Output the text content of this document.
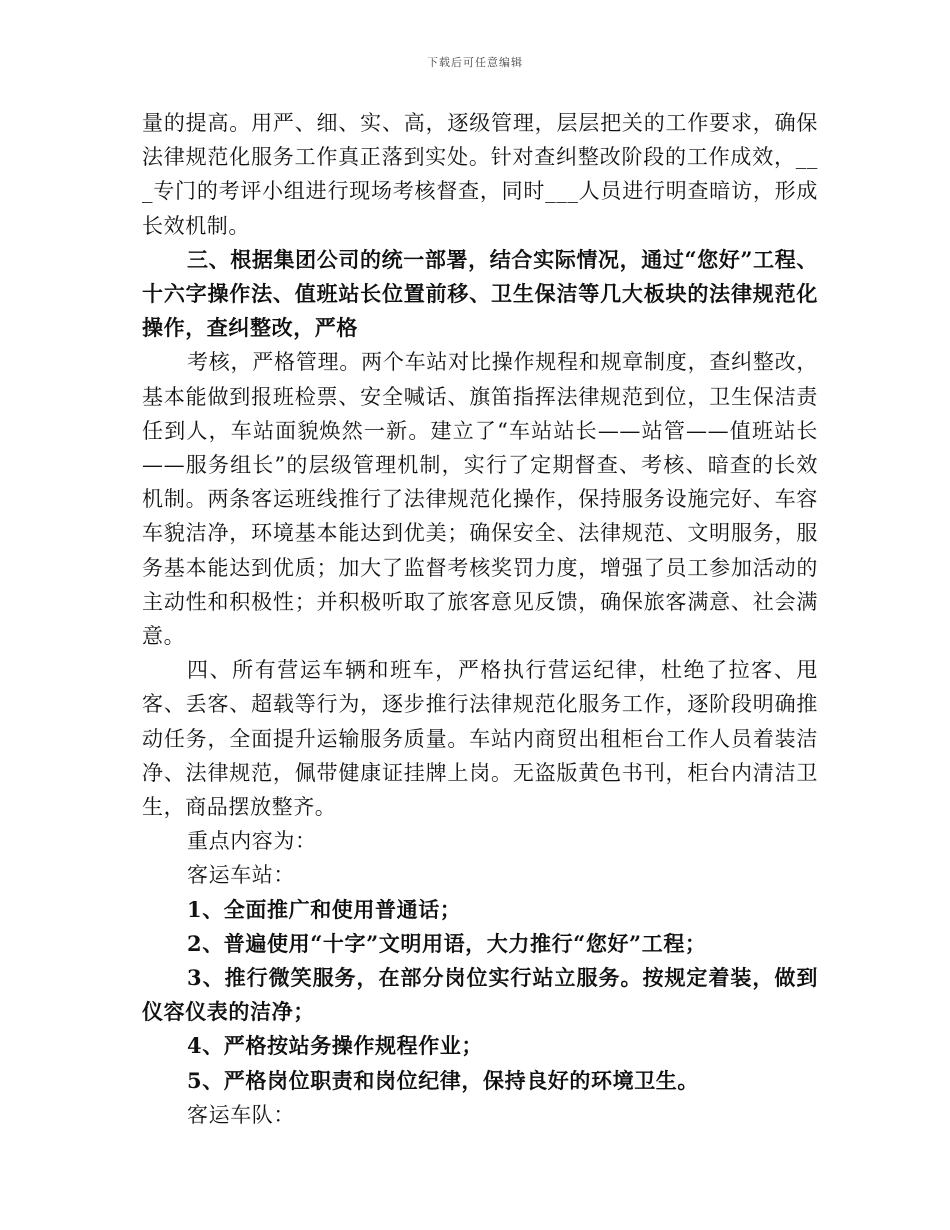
下载后可任意编辑

量的提高。用严、细、实、高，逐级管理，层层把关的工作要求，确保法律规范化服务工作真正落到实处。针对查纠整改阶段的工作成效，___专门的考评小组进行现场考核督查，同时___人员进行明查暗访，形成长效机制。

三、根据集团公司的统一部署，结合实际情况，通过“您好”工程、十六字操作法、值班站长位置前移、卫生保洁等几大板块的法律规范化操作，查纠整改，严格

考核，严格管理。两个车站对比操作规程和规章制度，查纠整改，基本能做到报班检票、安全喊话、旗笛指挥法律规范到位，卫生保洁责任到人，车站面貌焕然一新。建立了“车站站长——站管——值班站长——服务组长”的层级管理机制，实行了定期督查、考核、暗查的长效机制。两条客运班线推行了法律规范化操作，保持服务设施完好、车容车貌洁净，环境基本能达到优美；确保安全、法律规范、文明服务，服务基本能达到优质；加大了监督考核奖罚力度，增强了员工参加活动的主动性和积极性；并积极听取了旅客意见反馈，确保旅客满意、社会满意。

四、所有营运车辆和班车，严格执行营运纪律，杜绝了拉客、甩客、丢客、超载等行为，逐步推行法律规范化服务工作，逐阶段明确推动任务，全面提升运输服务质量。车站内商贸出租柜台工作人员着装洁净、法律规范，佩带健康证挂牌上岗。无盗版黄色书刊，柜台内清洁卫生，商品摆放整齐。

重点内容为：

客运车站：

1、全面推广和使用普通话；

2、普遍使用“十字”文明用语，大力推行“您好”工程；

3、推行微笑服务，在部分岗位实行站立服务。按规定着装，做到仪容仪表的洁净；

4、严格按站务操作规程作业；

5、严格岗位职责和岗位纪律，保持良好的环境卫生。

客运车队：
